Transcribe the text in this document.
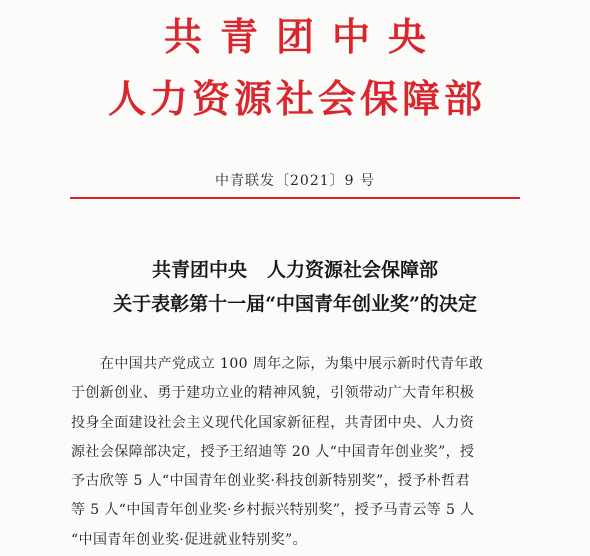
共青团中央
人力资源社会保障部
中青联发〔2021〕9 号
共青团中央 人力资源社会保障部
关于表彰第十一届“中国青年创业奖”的决定
在中国共产党成立 100 周年之际，为集中展示新时代青年敢
于创新创业、勇于建功立业的精神风貌，引领带动广大青年积极
投身全面建设社会主义现代化国家新征程，共青团中央、人力资
源社会保障部决定，授予王绍迪等 20 人“中国青年创业奖”，授
予古欣等 5 人“中国青年创业奖·科技创新特别奖”，授予朴哲君
等 5 人“中国青年创业奖·乡村振兴特别奖”，授予马青云等 5 人
“中国青年创业奖·促进就业特别奖”。
